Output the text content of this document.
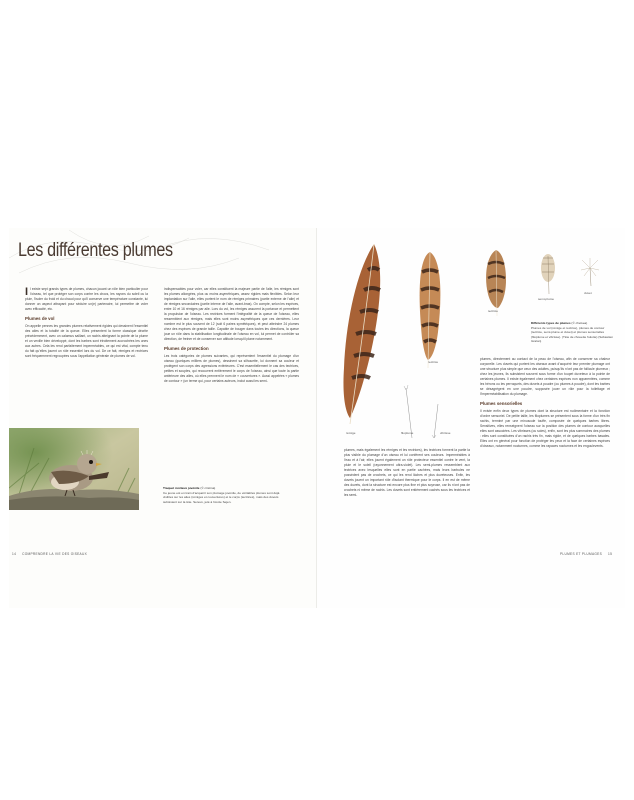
Les différentes plumes

Il existe sept grands types de plumes, chacun jouant un rôle bien particulier pour l'oiseau, tel que protéger son corps contre les chocs, les rayons du soleil ou la pluie, l'isoler du froid et du chaud pour qu'il conserve une température constante, lui donner un aspect attrayant pour séduire un(e) partenaire, lui permettre de voler avec efficacité, etc.

Plumes de vol

On appelle pennes les grandes plumes relativement rigides qui dessinent l'essentiel des ailes et la totalité de la queue. Elles présentent la forme classique décrite précédemment, avec un calamus saillant, un rachis atteignant la pointe de la plume et un vexille bien développé, dont les barbes sont étroitement accrochées les unes aux autres. Cela les rend parfaitement imperméables, ce qui est vital, compte tenu du fait qu'elles jouent un rôle essentiel lors du vol. De ce fait, rémiges et rectrices sont fréquemment regroupées sous l'appellation générale de plumes de vol.

indispensables pour voler, car elles constituent la majeure partie de l'aile, les rémiges sont les plumes allongées, plus ou moins asymétriques, assez rigides mais flexibles. Selon leur implantation sur l'aile, elles portent le nom de rémiges primaires (partie externe de l'aile) et de rémiges secondaires (partie interne de l'aile, avant-bras). On compte, selon les espèces, entre 10 et 16 rémiges par aile. Lors du vol, les rémiges assurent la portance et permettent la propulsion de l'oiseau. Les rectrices forment l'intégralité de la queue de l'oiseau, elles ressemblent aux rémiges, mais elles sont moins asymétriques que ces dernières. Leur nombre est le plus souvent de 12 (soit 6 paires symétriques), et peut atteindre 24 plumes chez des espèces de grande taille. Capable de bouger dans toutes les directions, la queue joue un rôle dans la stabilisation longitudinale de l'oiseau en vol, lui permet de contrôler sa direction, de freiner et de conserver son altitude lorsqu'il plane notamment.

Plumes de protection

Les trois catégories de plumes suivantes, qui représentent l'essentiel du plumage d'un oiseau (quelques milliers de plumes), dessinent sa silhouette, lui donnent sa couleur et protègent son corps des agressions extérieures. C'est essentiellement le cas des tectrices, petites et souples, qui recouvrent entièrement le corps de l'oiseau, ainsi que toute la partie antérieure des ailes, où elles prennent le nom de « couvertures ». Aussi appelées « plumes de contour » (un terme qui, pour certains auteurs, inclut aussi les semi-

Traquet motteux juvénile (© cristina)
Ce jeune est en train d'acquérir son plumage juvénile, de véritables plumes sont déjà visibles sur les ailes (rémiges et couvertures) et le corps (tectrices), mais des duvets subsistent sur la tête. Sereux, jeté à l'école Sejen.
rémige
rectrice
tectrice
semi-plume
duvet
filoplume	vibrisse
Différents types de plumes (© chelsea)
Plumes de vol (rémige et rectrice), plumes de contour (tectrice, semi-plume et duvet) et plumes sensorielles (filoplume et vibrisse). (Tête de chouette hulotte) (Sébastien Gralon)

plumes, mais également les rémiges et les rectrices), les tectrices forment la partie la plus visible du plumage d'un oiseau et lui confèrent ses couleurs. Imperméables à l'eau et à l'air, elles jouent également un rôle protecteur essentiel contre le vent, la pluie et le soleil (rayonnement ultra-violet). Les semi-plumes ressemblent aux tectrices avec lesquelles elles sont en partie cachées, mais leurs barbules ne possèdent pas de crochets, ce qui les rend lâches et plus duveteuses. Enfin, les duvets jouent un important rôle d'isolant thermique pour le corps. Il en est de même des duvets, dont la structure est encore plus fine et plus soyeuse, car ils n'ont pas de crochets ni même de rachis. Les duvets sont entièrement cachés sous les tectrices et les semi-

plumes, directement au contact de la peau de l'oiseau, afin de conserver sa chaleur corporelle. Les duvets qui portent les oiseaux avant d'acquérir leur premier plumage ont une structure plus simple que ceux des adultes, puisqu'ils n'ont pas de follicule plumeux ; chez les jeunes, ils subsistent souvent sous forme d'un toupet duveteux à la pointe de certaines plumes. Il existe également chez certaines espèces non apparentées, comme les hérons ou les perroquets, des duvets à poudre (ou plumes à poudre), dont les barbes se désagrègent en une poudre, supposée jouer un rôle pour la toilettage et l'imperméabilisation du plumage.

Plumes sensorielles

Il existe enfin deux types de plumes dont la structure est rudimentaire et la fonction d'ordre sensoriel. De petite taille, les filoplumes se présentent sous la forme d'un très fin rachis, terminé par une minuscule touffe, composée de quelques barbes libres. Sensitives, elles renseignent l'oiseau sur la position des plumes de contour auxquelles elles sont associées. Les vibrisses (ou soies), enfin, sont les plus sommaires des plumes : elles sont constituées d'un rachis très fin, mais rigide, et de quelques barbes basales. Elles ont en général pour fonction de protéger les yeux et la face de certaines espèces d'oiseaux, notamment nocturnes, comme les rapaces nocturnes et les engoulevents.

14 COMPRENDRE LA VIE DES OISEAUX	PLUMES ET PLUMAGES 15
